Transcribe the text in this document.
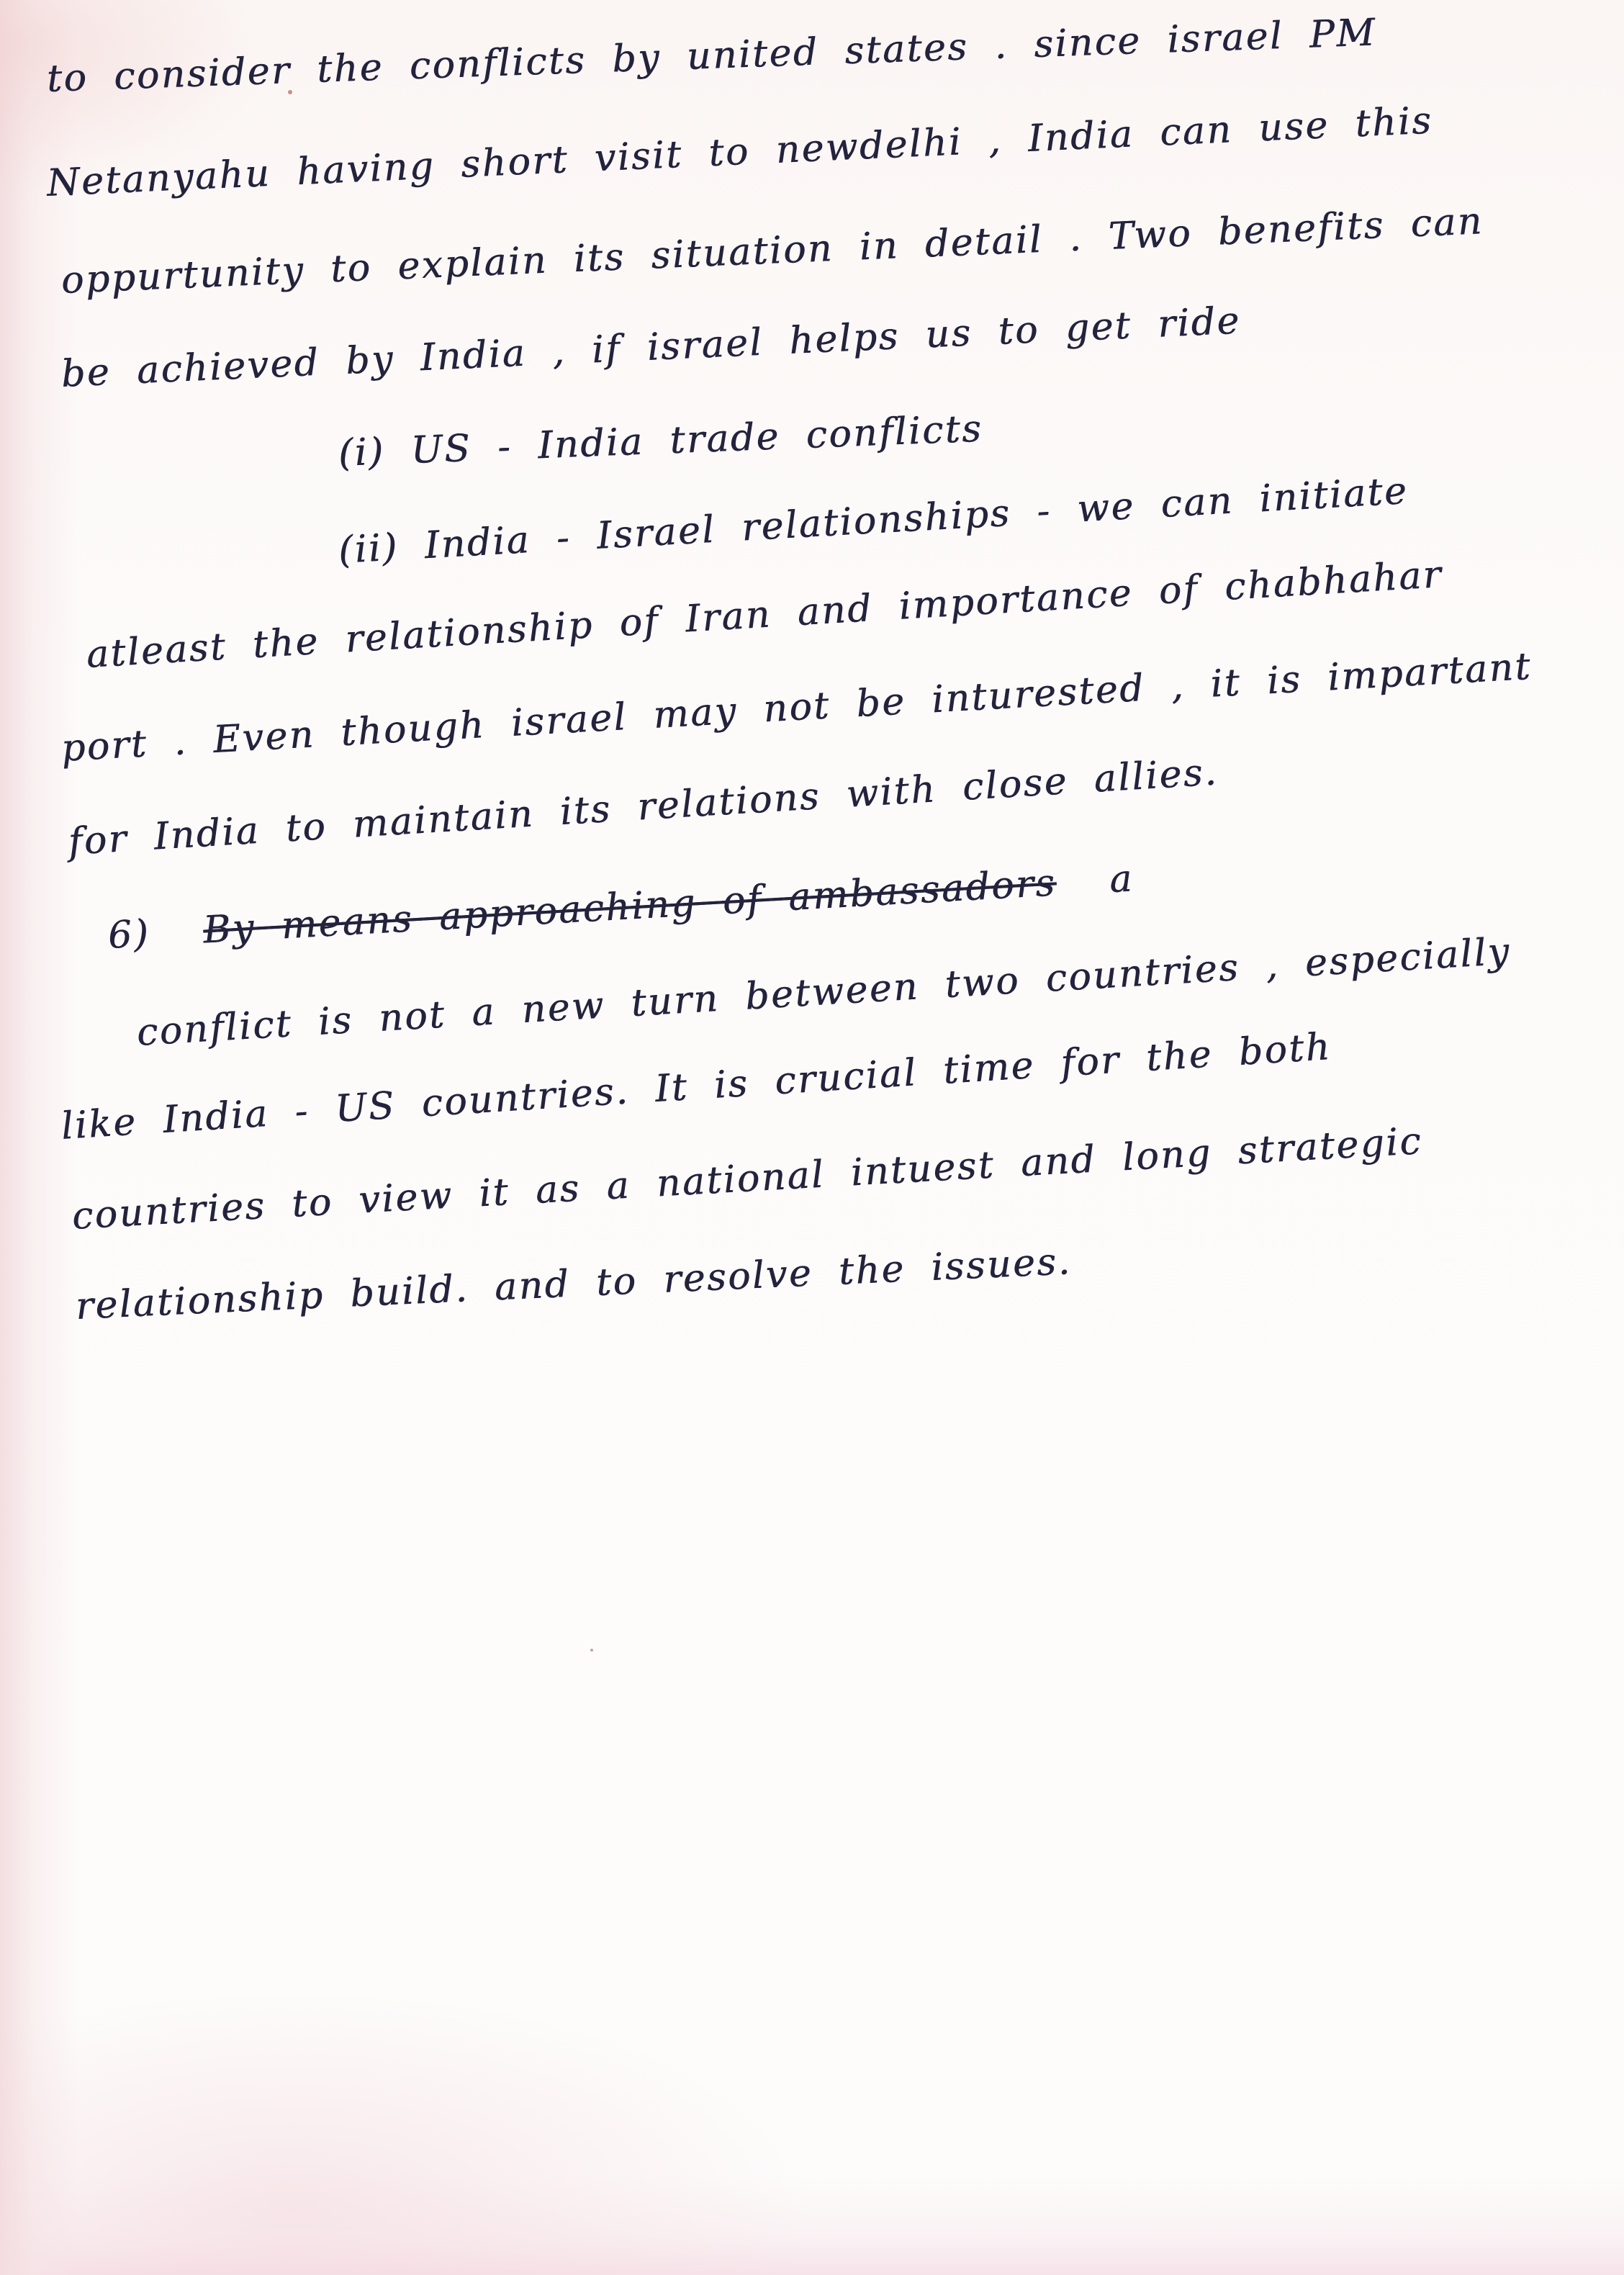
to consider the conflicts by united states . since israel PM
Netanyahu having short visit to newdelhi , India can use this
oppurtunity to explain its situation in detail . Two benefits can
be achieved by India , if israel helps us to get ride
(i) US - India trade conflicts
(ii) India - Israel relationships - we can initiate
atleast the relationship of Iran and importance of chabhahar
port . Even though israel may not be inturested , it is impartant
for India to maintain its relations with close allies.
6) By means approaching of ambassadors a
conflict is not a new turn between two countries , especially
like India - US countries. It is crucial time for the both
countries to view it as a national intuest and long strategic
relationship build. and to resolve the issues.
